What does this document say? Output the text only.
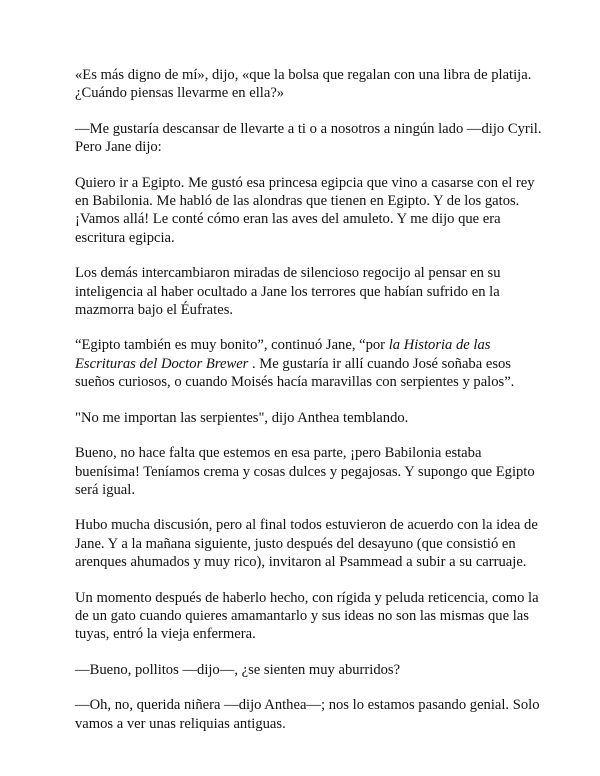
«Es más digno de mí», dijo, «que la bolsa que regalan con una libra de platija. ¿Cuándo piensas llevarme en ella?»

—Me gustaría descansar de llevarte a ti o a nosotros a ningún lado —dijo Cyril. Pero Jane dijo:

Quiero ir a Egipto. Me gustó esa princesa egipcia que vino a casarse con el rey en Babilonia. Me habló de las alondras que tienen en Egipto. Y de los gatos. ¡Vamos allá! Le conté cómo eran las aves del amuleto. Y me dijo que era escritura egipcia.

Los demás intercambiaron miradas de silencioso regocijo al pensar en su inteligencia al haber ocultado a Jane los terrores que habían sufrido en la mazmorra bajo el Éufrates.

“Egipto también es muy bonito”, continuó Jane, “por la Historia de las Escrituras del Doctor Brewer . Me gustaría ir allí cuando José soñaba esos sueños curiosos, o cuando Moisés hacía maravillas con serpientes y palos”.

"No me importan las serpientes", dijo Anthea temblando.

Bueno, no hace falta que estemos en esa parte, ¡pero Babilonia estaba buenísima! Teníamos crema y cosas dulces y pegajosas. Y supongo que Egipto será igual.

Hubo mucha discusión, pero al final todos estuvieron de acuerdo con la idea de Jane. Y a la mañana siguiente, justo después del desayuno (que consistió en arenques ahumados y muy rico), invitaron al Psammead a subir a su carruaje.

Un momento después de haberlo hecho, con rígida y peluda reticencia, como la de un gato cuando quieres amamantarlo y sus ideas no son las mismas que las tuyas, entró la vieja enfermera.

—Bueno, pollitos —dijo—, ¿se sienten muy aburridos?

—Oh, no, querida niñera —dijo Anthea—; nos lo estamos pasando genial. Solo vamos a ver unas reliquias antiguas.
